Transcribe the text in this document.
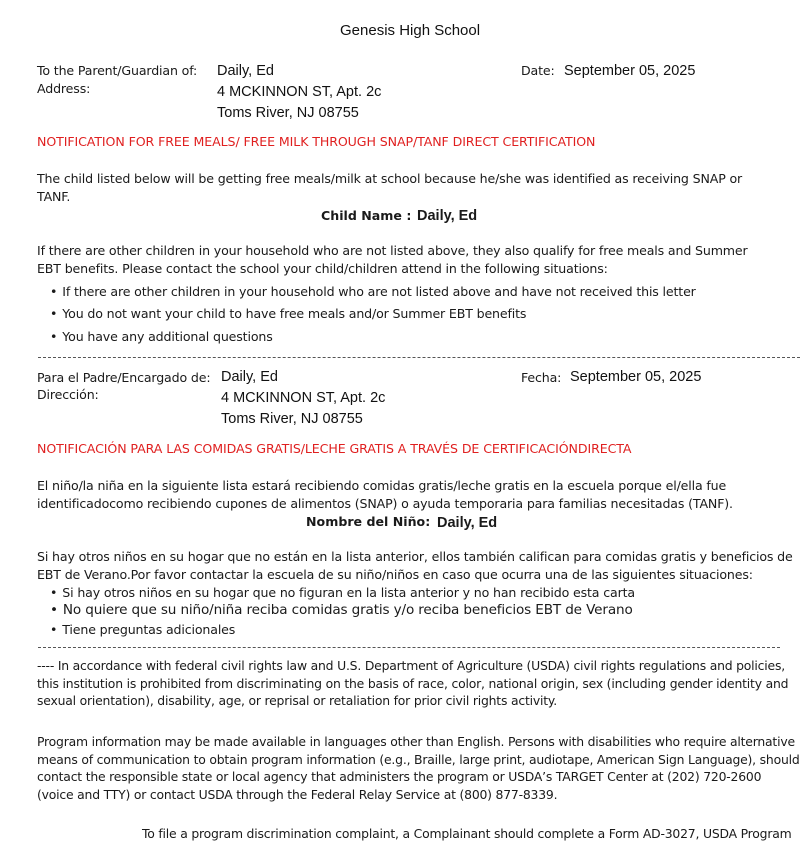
Genesis High School
To the Parent/Guardian of:
Address:
Daily, Ed
4 MCKINNON ST, Apt. 2c
Toms River, NJ 08755
Date: September 05, 2025
NOTIFICATION FOR FREE MEALS/ FREE MILK THROUGH SNAP/TANF DIRECT CERTIFICATION
The child listed below will be getting free meals/milk at school because he/she was identified as receiving SNAP or
TANF.
Child Name : Daily, Ed
If there are other children in your household who are not listed above, they also qualify for free meals and Summer
EBT benefits. Please contact the school your child/children attend in the following situations:
• If there are other children in your household who are not listed above and have not received this letter
• You do not want your child to have free meals and/or Summer EBT benefits
• You have any additional questions
Para el Padre/Encargado de:
Dirección:
Daily, Ed
4 MCKINNON ST, Apt. 2c
Toms River, NJ 08755
Fecha: September 05, 2025
NOTIFICACIÓN PARA LAS COMIDAS GRATIS/LECHE GRATIS A TRAVÉS DE CERTIFICACIÓNDIRECTA
El niño/la niña en la siguiente lista estará recibiendo comidas gratis/leche gratis en la escuela porque el/ella fue
identificadocomo recibiendo cupones de alimentos (SNAP) o ayuda temporaria para familias necesitadas (TANF).
Nombre del Niño: Daily, Ed
Si hay otros niños en su hogar que no están en la lista anterior, ellos también califican para comidas gratis y beneficios de
EBT de Verano.Por favor contactar la escuela de su niño/niños en caso que ocurra una de las siguientes situaciones:
• Si hay otros niños en su hogar que no figuran en la lista anterior y no han recibido esta carta
• No quiere que su niño/niña reciba comidas gratis y/o reciba beneficios EBT de Verano
• Tiene preguntas adicionales
---- In accordance with federal civil rights law and U.S. Department of Agriculture (USDA) civil rights regulations and policies,
this institution is prohibited from discriminating on the basis of race, color, national origin, sex (including gender identity and
sexual orientation), disability, age, or reprisal or retaliation for prior civil rights activity.
Program information may be made available in languages other than English. Persons with disabilities who require alternative
means of communication to obtain program information (e.g., Braille, large print, audiotape, American Sign Language), should
contact the responsible state or local agency that administers the program or USDA’s TARGET Center at (202) 720-2600
(voice and TTY) or contact USDA through the Federal Relay Service at (800) 877-8339.
To file a program discrimination complaint, a Complainant should complete a Form AD-3027, USDA Program
